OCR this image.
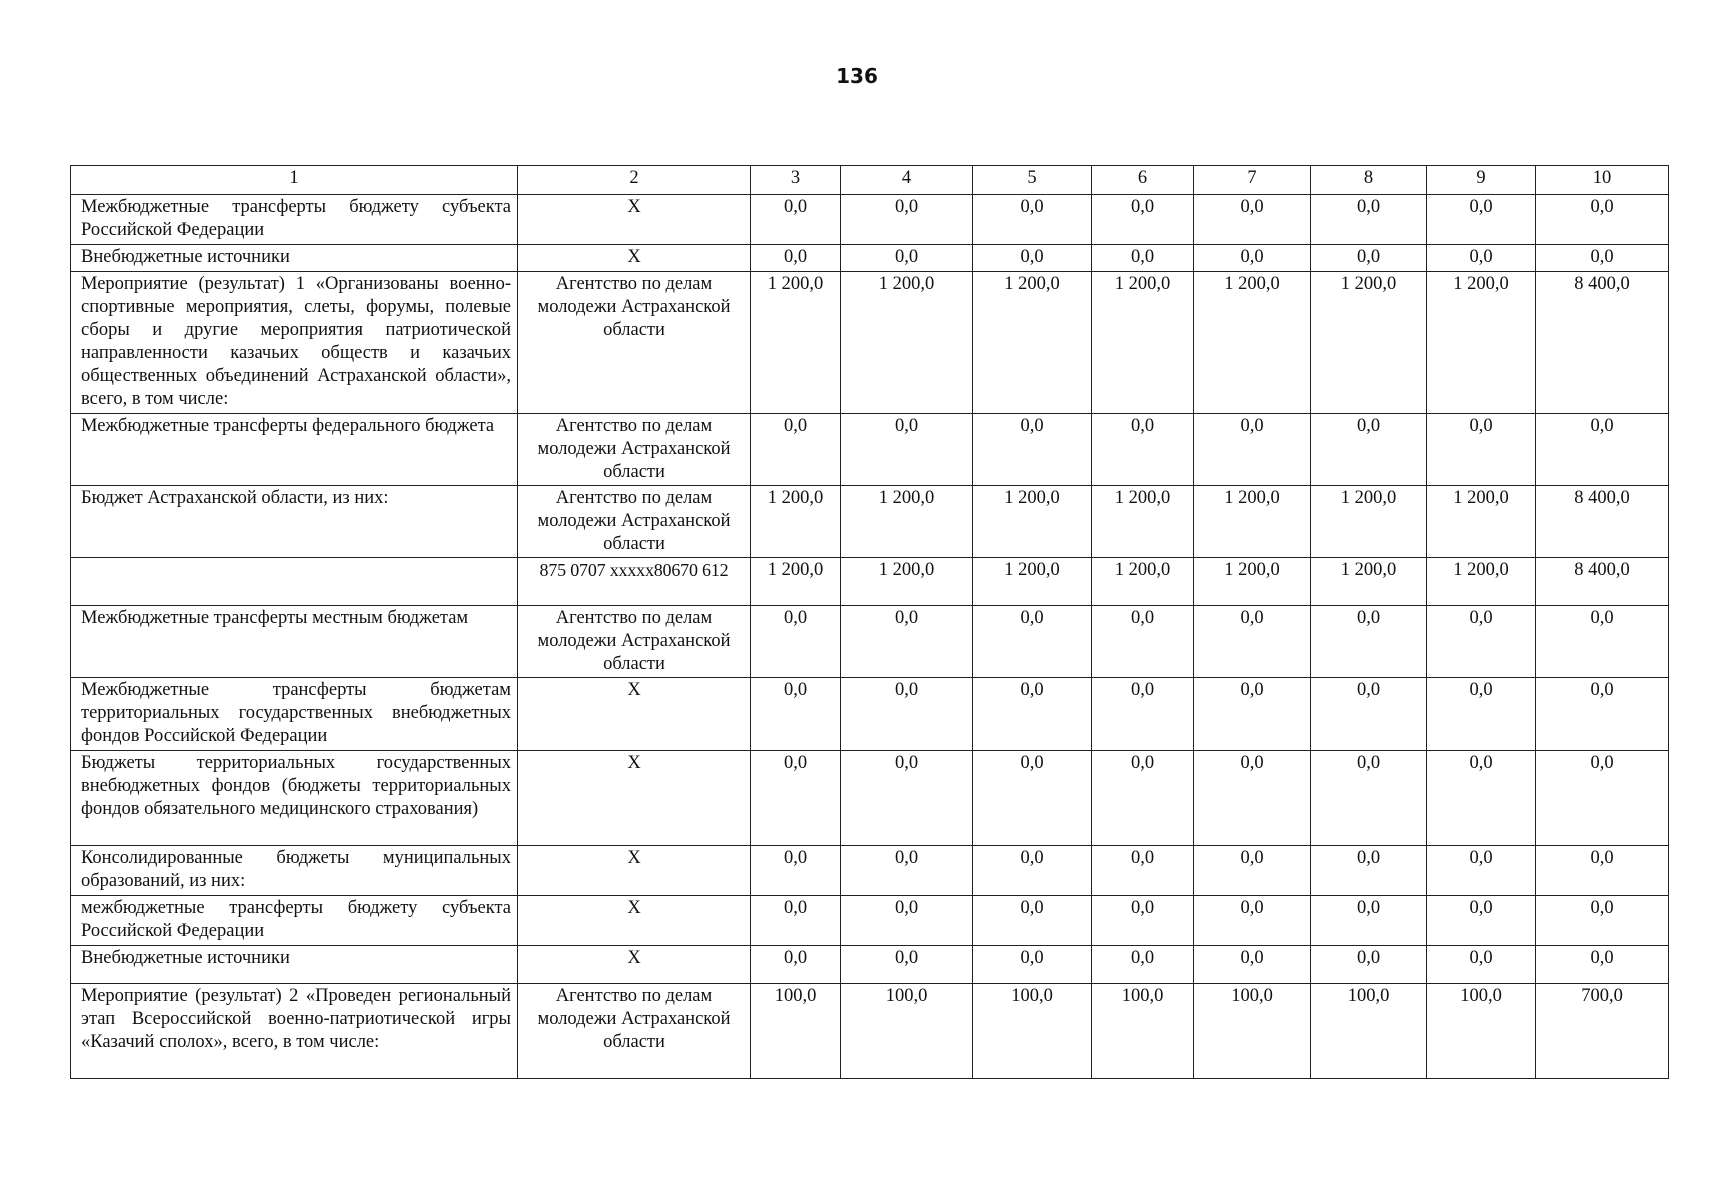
136
1	2	3	4	5	6	7	8	9	10
Межбюджетные трансферты бюджету субъекта Российской Федерации	X	0,0	0,0	0,0	0,0	0,0	0,0	0,0	0,0
Внебюджетные источники	X	0,0	0,0	0,0	0,0	0,0	0,0	0,0	0,0
Мероприятие (результат) 1 «Организованы военно-спортивные мероприятия, слеты, форумы, полевые сборы и другие мероприятия патриотической направленности казачьих обществ и казачьих общественных объединений Астраханской области», всего, в том числе:	Агентство по делам молодежи Астраханской области	1 200,0	1 200,0	1 200,0	1 200,0	1 200,0	1 200,0	1 200,0	8 400,0
Межбюджетные трансферты федерального бюджета	Агентство по делам молодежи Астраханской области	0,0	0,0	0,0	0,0	0,0	0,0	0,0	0,0
Бюджет Астраханской области, из них:	Агентство по делам молодежи Астраханской области	1 200,0	1 200,0	1 200,0	1 200,0	1 200,0	1 200,0	1 200,0	8 400,0
	875 0707 xxxxx80670 612	1 200,0	1 200,0	1 200,0	1 200,0	1 200,0	1 200,0	1 200,0	8 400,0
Межбюджетные трансферты местным бюджетам	Агентство по делам молодежи Астраханской области	0,0	0,0	0,0	0,0	0,0	0,0	0,0	0,0
Межбюджетные трансферты бюджетам территориальных государственных внебюджетных фондов Российской Федерации	X	0,0	0,0	0,0	0,0	0,0	0,0	0,0	0,0
Бюджеты территориальных государственных внебюджетных фондов (бюджеты территориальных фондов обязательного медицинского страхования)	X	0,0	0,0	0,0	0,0	0,0	0,0	0,0	0,0
Консолидированные бюджеты муниципальных образований, из них:	X	0,0	0,0	0,0	0,0	0,0	0,0	0,0	0,0
межбюджетные трансферты бюджету субъекта Российской Федерации	X	0,0	0,0	0,0	0,0	0,0	0,0	0,0	0,0
Внебюджетные источники	X	0,0	0,0	0,0	0,0	0,0	0,0	0,0	0,0
Мероприятие (результат) 2 «Проведен региональный этап Всероссийской военно-патриотической игры «Казачий сполох», всего, в том числе:	Агентство по делам молодежи Астраханской области	100,0	100,0	100,0	100,0	100,0	100,0	100,0	700,0
